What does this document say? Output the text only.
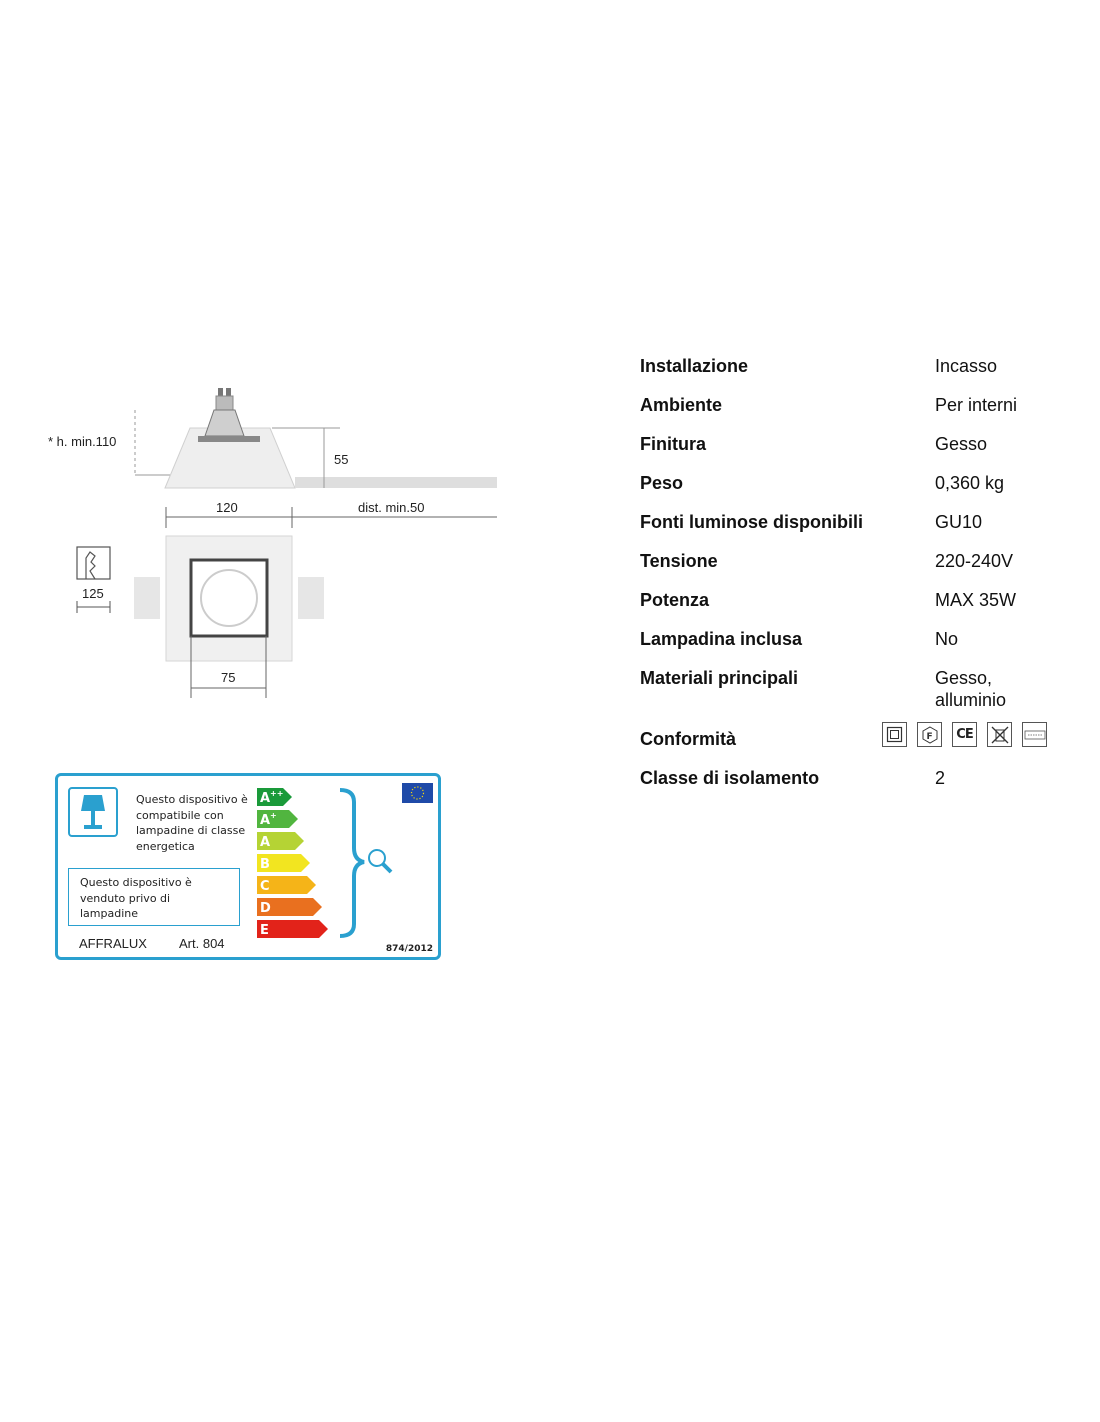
* h. min.110
55
120	dist. min.50
125
75
Questo dispositivo è compatibile con lampadine di classe energetica
Questo dispositivo è venduto privo di lampadine
AFFRALUX Art. 804	874/2012
A ++
A +
A
B
C
D
E
Installazione	Incasso
Ambiente	Per interni
Finitura	Gesso
Peso	0,360 kg
Fonti luminose disponibili	GU10
Tensione	220-240V
Potenza	MAX 35W
Lampadina inclusa	No
Materiali principali	Gesso, alluminio
Conformità	F CE
Classe di isolamento	2
